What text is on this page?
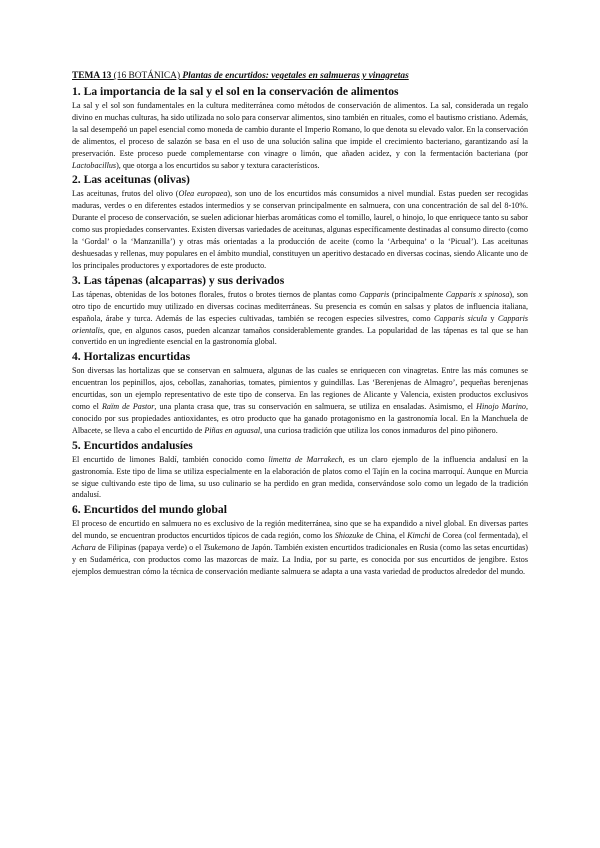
TEMA 13 (16 BOTÁNICA) Plantas de encurtidos: vegetales en salmueras y vinagretas
1. La importancia de la sal y el sol en la conservación de alimentos

La sal y el sol son fundamentales en la cultura mediterránea como métodos de conservación de alimentos. La sal, considerada un regalo divino en muchas culturas, ha sido utilizada no solo para conservar alimentos, sino también en rituales, como el bautismo cristiano. Además, la sal desempeñó un papel esencial como moneda de cambio durante el Imperio Romano, lo que denota su elevado valor. En la conservación de alimentos, el proceso de salazón se basa en el uso de una solución salina que impide el crecimiento bacteriano, garantizando así la preservación. Este proceso puede complementarse con vinagre o limón, que añaden acidez, y con la fermentación bacteriana (por Lactobacillus), que otorga a los encurtidos su sabor y textura característicos.

2. Las aceitunas (olivas)

Las aceitunas, frutos del olivo (Olea europaea), son uno de los encurtidos más consumidos a nivel mundial. Estas pueden ser recogidas maduras, verdes o en diferentes estados intermedios y se conservan principalmente en salmuera, con una concentración de sal del 8-10%. Durante el proceso de conservación, se suelen adicionar hierbas aromáticas como el tomillo, laurel, o hinojo, lo que enriquece tanto su sabor como sus propiedades conservantes. Existen diversas variedades de aceitunas, algunas específicamente destinadas al consumo directo (como la ‘Gordal’ o la ‘Manzanilla’) y otras más orientadas a la producción de aceite (como la ‘Arbequina’ o la ‘Picual’). Las aceitunas deshuesadas y rellenas, muy populares en el ámbito mundial, constituyen un aperitivo destacado en diversas cocinas, siendo Alicante uno de los principales productores y exportadores de este producto.

3. Las tápenas (alcaparras) y sus derivados

Las tápenas, obtenidas de los botones florales, frutos o brotes tiernos de plantas como Capparis (principalmente Capparis x spinosa), son otro tipo de encurtido muy utilizado en diversas cocinas mediterráneas. Su presencia es común en salsas y platos de influencia italiana, española, árabe y turca. Además de las especies cultivadas, también se recogen especies silvestres, como Capparis sicula y Capparis orientalis, que, en algunos casos, pueden alcanzar tamaños considerablemente grandes. La popularidad de las tápenas es tal que se han convertido en un ingrediente esencial en la gastronomía global.

4. Hortalizas encurtidas

Son diversas las hortalizas que se conservan en salmuera, algunas de las cuales se enriquecen con vinagretas. Entre las más comunes se encuentran los pepinillos, ajos, cebollas, zanahorias, tomates, pimientos y guindillas. Las ‘Berenjenas de Almagro’, pequeñas berenjenas encurtidas, son un ejemplo representativo de este tipo de conserva. En las regiones de Alicante y Valencia, existen productos exclusivos como el Raïm de Pastor, una planta crasa que, tras su conservación en salmuera, se utiliza en ensaladas. Asimismo, el Hinojo Marino, conocido por sus propiedades antioxidantes, es otro producto que ha ganado protagonismo en la gastronomía local. En la Manchuela de Albacete, se lleva a cabo el encurtido de Piñas en aguasal, una curiosa tradición que utiliza los conos inmaduros del pino piñonero.

5. Encurtidos andalusíes

El encurtido de limones Baldí, también conocido como limetta de Marrakech, es un claro ejemplo de la influencia andalusí en la gastronomía. Este tipo de lima se utiliza especialmente en la elaboración de platos como el Tajín en la cocina marroquí. Aunque en Murcia se sigue cultivando este tipo de lima, su uso culinario se ha perdido en gran medida, conservándose solo como un legado de la tradición andalusí.

6. Encurtidos del mundo global

El proceso de encurtido en salmuera no es exclusivo de la región mediterránea, sino que se ha expandido a nivel global. En diversas partes del mundo, se encuentran productos encurtidos típicos de cada región, como los Shiozuke de China, el Kimchi de Corea (col fermentada), el Achara de Filipinas (papaya verde) o el Tsukemono de Japón. También existen encurtidos tradicionales en Rusia (como las setas encurtidas) y en Sudamérica, con productos como las mazorcas de maíz. La India, por su parte, es conocida por sus encurtidos de jengibre. Estos ejemplos demuestran cómo la técnica de conservación mediante salmuera se adapta a una vasta variedad de productos alrededor del mundo.
